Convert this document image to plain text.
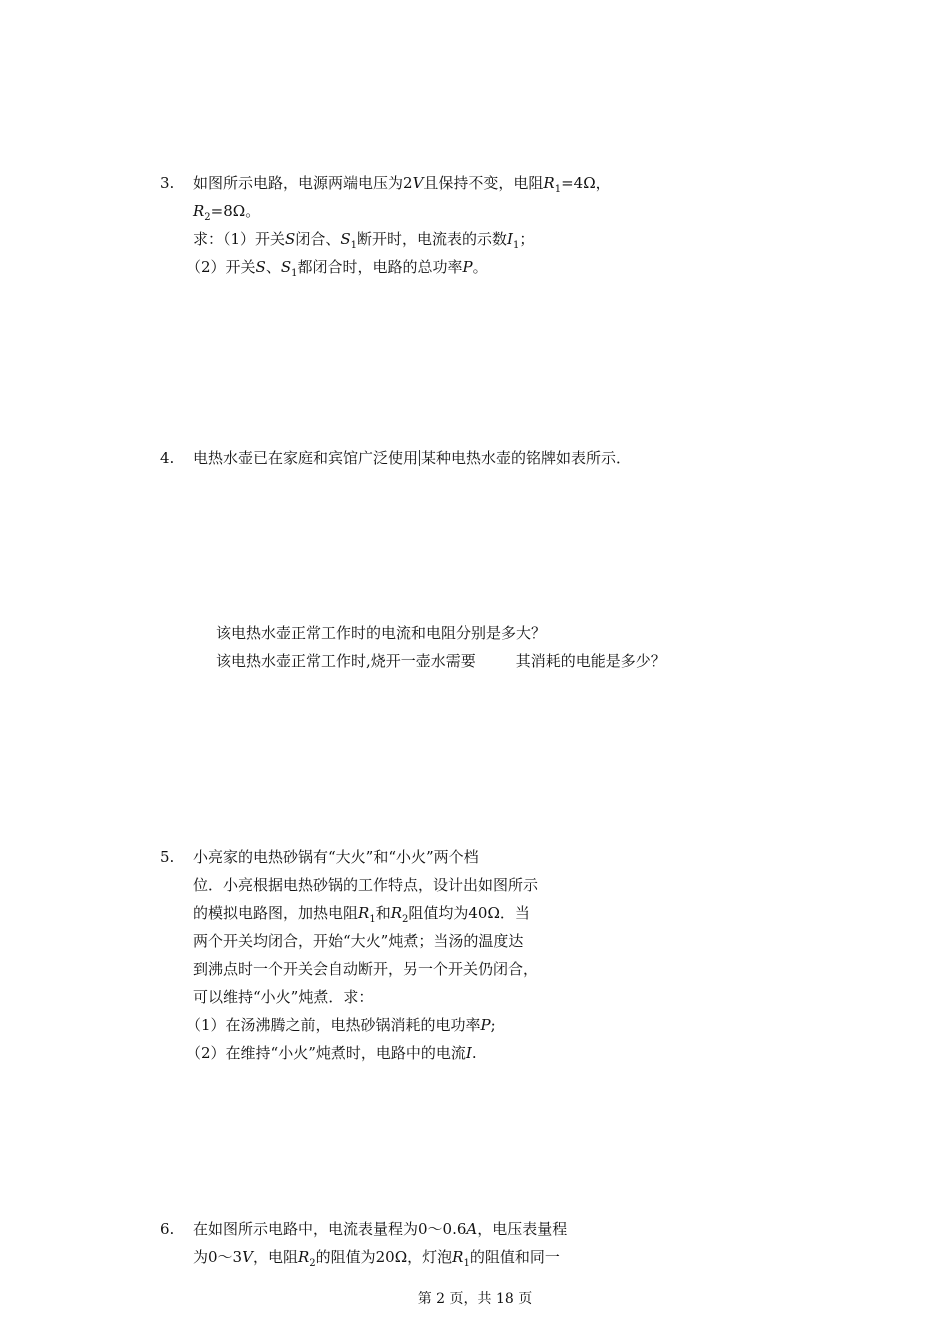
3.	如图所示电路，电源两端电压为2V且保持不变，电阻$R_1=4\Omega$，
$R_2=8\Omega$。
求：（1）开关S闭合、$S_1$断开时，电流表的示数$I_1$；
（2）开关S、$S_1$都闭合时，电路的总功率P。
4.	电热水壶已在家庭和宾馆广泛使用 某种电热水壶的铭牌如表所示．
该电热水壶正常工作时的电流和电阻分别是多大？
该电热水壶正常工作时,烧开一壶水需要	其消耗的电能是多少？
5.	小亮家的电热砂锅有“大火”和“小火”两个档
位．小亮根据电热砂锅的工作特点，设计出如图所示
的模拟电路图，加热电阻$R_1$和$R_2$阻值均为40Ω．当
两个开关均闭合，开始“大火”炖煮；当汤的温度达
到沸点时一个开关会自动断开，另一个开关仍闭合，
可以维持“小火”炖煮．求：
（1）在汤沸腾之前，电热砂锅消耗的电功率P;
（2）在维持“小火”炖煮时，电路中的电流I.
6.	在如图所示电路中，电流表量程为0～0.6A，电压表量程
为0～3V，电阻$R_2$的阻值为20Ω，灯泡$R_1$的阻值和同一
第 2 页，共 18 页
